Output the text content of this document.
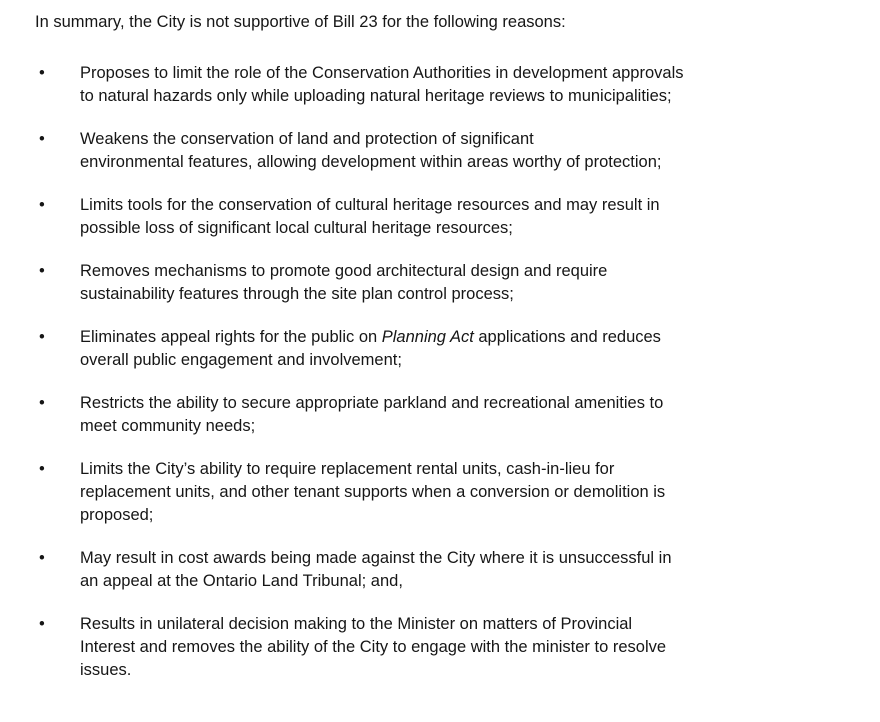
In summary, the City is not supportive of Bill 23 for the following reasons:

•	Proposes to limit the role of the Conservation Authorities in development approvals
to natural hazards only while uploading natural heritage reviews to municipalities;
•	Weakens the conservation of land and protection of significant
environmental features, allowing development within areas worthy of protection;
•	Limits tools for the conservation of cultural heritage resources and may result in
possible loss of significant local cultural heritage resources;
•	Removes mechanisms to promote good architectural design and require
sustainability features through the site plan control process;
•	Eliminates appeal rights for the public on Planning Act applications and reduces
overall public engagement and involvement;
•	Restricts the ability to secure appropriate parkland and recreational amenities to
meet community needs;
•	Limits the City’s ability to require replacement rental units, cash-in-lieu for
replacement units, and other tenant supports when a conversion or demolition is
proposed;
•	May result in cost awards being made against the City where it is unsuccessful in
an appeal at the Ontario Land Tribunal; and,
•	Results in unilateral decision making to the Minister on matters of Provincial
Interest and removes the ability of the City to engage with the minister to resolve
issues.
